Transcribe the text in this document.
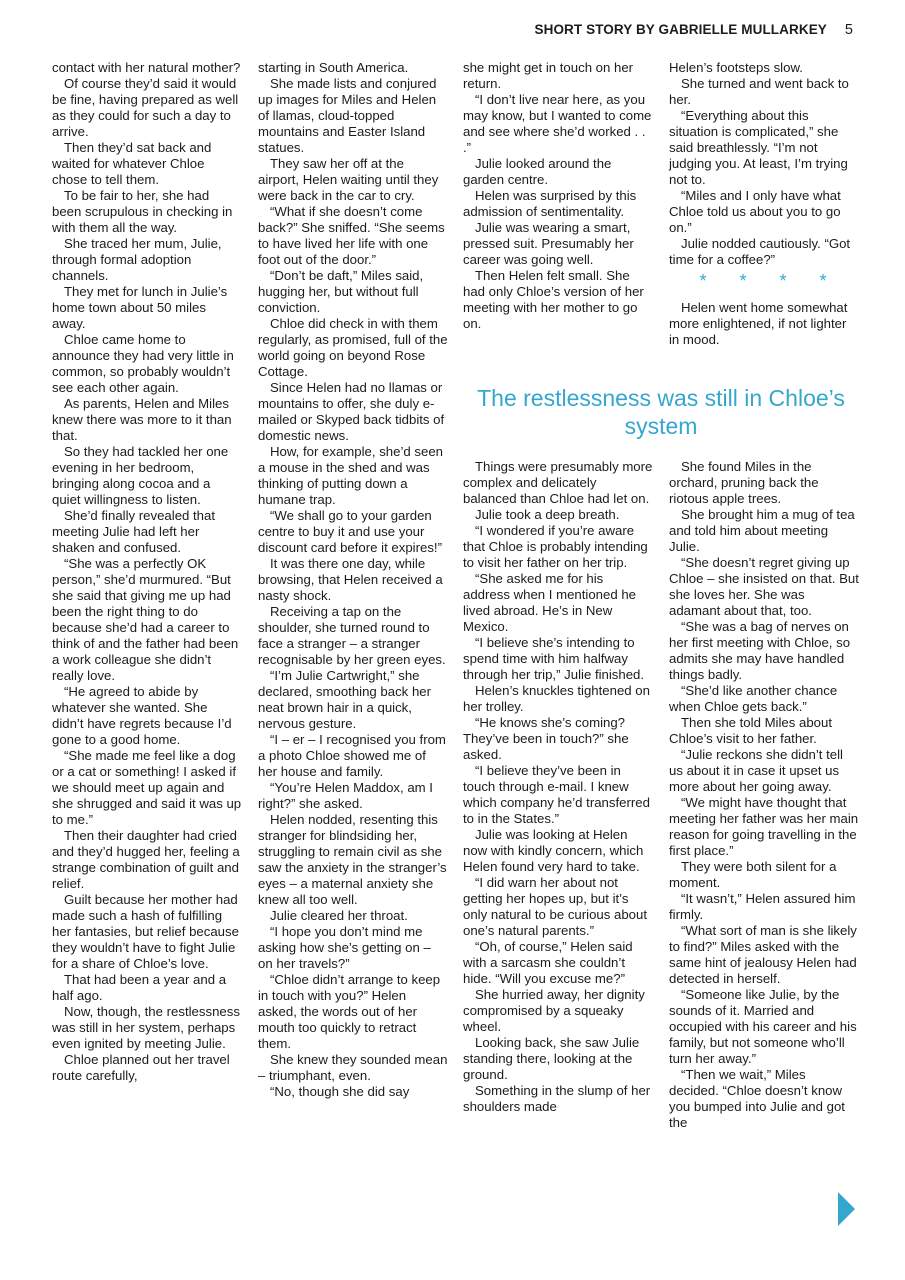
SHORT STORY BY GABRIELLE MULLARKEY 5

contact with her natural mother?

Of course they’d said it would be fine, having prepared as well as they could for such a day to arrive.

Then they’d sat back and waited for whatever Chloe chose to tell them.

To be fair to her, she had been scrupulous in checking in with them all the way.

She traced her mum, Julie, through formal adoption channels.

They met for lunch in Julie’s home town about 50 miles away.

Chloe came home to announce they had very little in common, so probably wouldn’t see each other again.

As parents, Helen and Miles knew there was more to it than that.

So they had tackled her one evening in her bedroom, bringing along cocoa and a quiet willingness to listen.

She’d finally revealed that meeting Julie had left her shaken and confused.

“She was a perfectly OK person,” she’d murmured. “But she said that giving me up had been the right thing to do because she’d had a career to think of and the father had been a work colleague she didn’t really love.

“He agreed to abide by whatever she wanted. She didn’t have regrets because I’d gone to a good home.

“She made me feel like a dog or a cat or something! I asked if we should meet up again and she shrugged and said it was up to me.”

Then their daughter had cried and they’d hugged her, feeling a strange combination of guilt and relief.

Guilt because her mother had made such a hash of fulfilling her fantasies, but relief because they wouldn’t have to fight Julie for a share of Chloe’s love.

That had been a year and a half ago.

Now, though, the restlessness was still in her system, perhaps even ignited by meeting Julie.

Chloe planned out her travel route carefully,

starting in South America.

She made lists and conjured up images for Miles and Helen of llamas, cloud-topped mountains and Easter Island statues.

They saw her off at the airport, Helen waiting until they were back in the car to cry.

“What if she doesn’t come back?” She sniffed. “She seems to have lived her life with one foot out of the door.”

“Don’t be daft,” Miles said, hugging her, but without full conviction.

Chloe did check in with them regularly, as promised, full of the world going on beyond Rose Cottage.

Since Helen had no llamas or mountains to offer, she duly e-mailed or Skyped back tidbits of domestic news.

How, for example, she’d seen a mouse in the shed and was thinking of putting down a humane trap.

“We shall go to your garden centre to buy it and use your discount card before it expires!”

It was there one day, while browsing, that Helen received a nasty shock.

Receiving a tap on the shoulder, she turned round to face a stranger – a stranger recognisable by her green eyes.

“I’m Julie Cartwright,” she declared, smoothing back her neat brown hair in a quick, nervous gesture.

“I – er – I recognised you from a photo Chloe showed me of her house and family.

“You’re Helen Maddox, am I right?” she asked.

Helen nodded, resenting this stranger for blindsiding her, struggling to remain civil as she saw the anxiety in the stranger’s eyes – a maternal anxiety she knew all too well.

Julie cleared her throat.

“I hope you don’t mind me asking how she’s getting on – on her travels?”

“Chloe didn’t arrange to keep in touch with you?” Helen asked, the words out of her mouth too quickly to retract them.

She knew they sounded mean – triumphant, even.

“No, though she did say

she might get in touch on her return.

“I don’t live near here, as you may know, but I wanted to come and see where she’d worked . . .”

Julie looked around the garden centre.

Helen was surprised by this admission of sentimentality.

Julie was wearing a smart, pressed suit. Presumably her career was going well.

Then Helen felt small. She had only Chloe’s version of her meeting with her mother to go on.

Helen’s footsteps slow.

She turned and went back to her.

“Everything about this situation is complicated,” she said breathlessly. “I’m not judging you. At least, I’m trying not to.

“Miles and I only have what Chloe told us about you to go on.”

Julie nodded cautiously. “Got time for a coffee?”

* * * *

Helen went home somewhat more enlightened, if not lighter in mood.

The restlessness was still in Chloe’s system

Things were presumably more complex and delicately balanced than Chloe had let on.

Julie took a deep breath.

“I wondered if you’re aware that Chloe is probably intending to visit her father on her trip.

“She asked me for his address when I mentioned he lived abroad. He’s in New Mexico.

“I believe she’s intending to spend time with him halfway through her trip,” Julie finished.

Helen’s knuckles tightened on her trolley.

“He knows she’s coming? They’ve been in touch?” she asked.

“I believe they’ve been in touch through e-mail. I knew which company he’d transferred to in the States.”

Julie was looking at Helen now with kindly concern, which Helen found very hard to take.

“I did warn her about not getting her hopes up, but it’s only natural to be curious about one’s natural parents.”

“Oh, of course,” Helen said with a sarcasm she couldn’t hide. “Will you excuse me?”

She hurried away, her dignity compromised by a squeaky wheel.

Looking back, she saw Julie standing there, looking at the ground.

Something in the slump of her shoulders made

She found Miles in the orchard, pruning back the riotous apple trees.

She brought him a mug of tea and told him about meeting Julie.

“She doesn’t regret giving up Chloe – she insisted on that. But she loves her. She was adamant about that, too.

“She was a bag of nerves on her first meeting with Chloe, so admits she may have handled things badly.

“She’d like another chance when Chloe gets back.”

Then she told Miles about Chloe’s visit to her father.

“Julie reckons she didn’t tell us about it in case it upset us more about her going away.

“We might have thought that meeting her father was her main reason for going travelling in the first place.”

They were both silent for a moment.

“It wasn’t,” Helen assured him firmly.

“What sort of man is she likely to find?” Miles asked with the same hint of jealousy Helen had detected in herself.

“Someone like Julie, by the sounds of it. Married and occupied with his career and his family, but not someone who’ll turn her away.”

“Then we wait,” Miles decided. “Chloe doesn’t know you bumped into Julie and got the
